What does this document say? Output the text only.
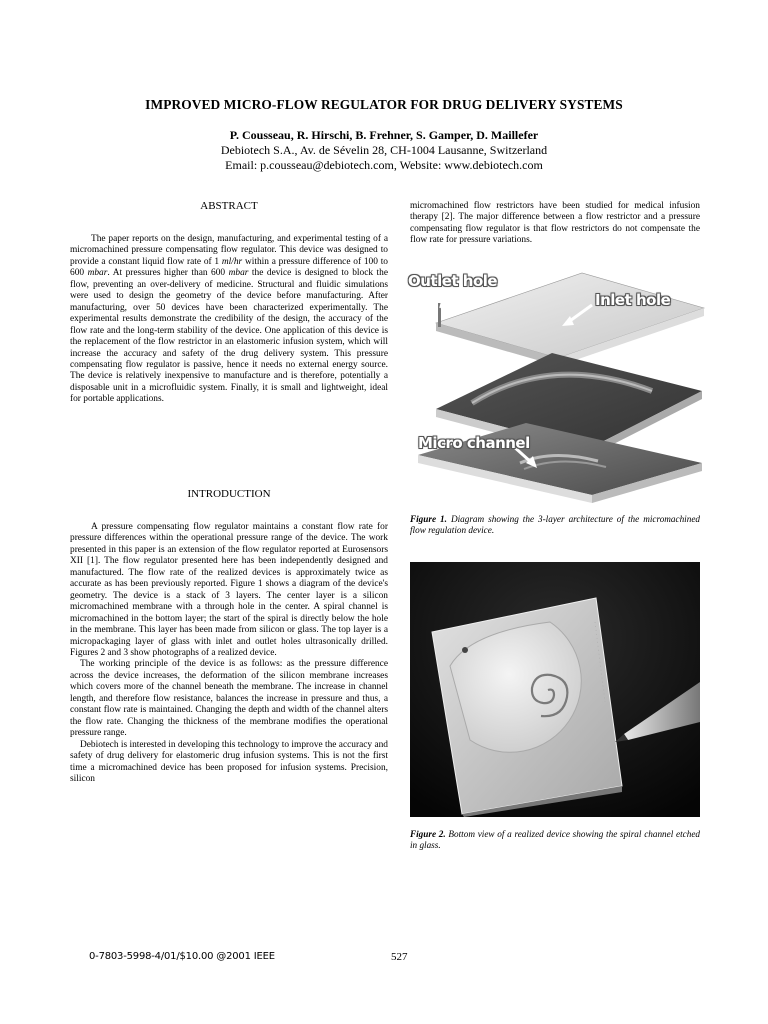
IMPROVED MICRO-FLOW REGULATOR FOR DRUG DELIVERY SYSTEMS
P. Cousseau, R. Hirschi, B. Frehner, S. Gamper, D. Maillefer
Debiotech S.A., Av. de Sévelin 28, CH-1004 Lausanne, Switzerland
Email: p.cousseau@debiotech.com, Website: www.debiotech.com
ABSTRACT

The paper reports on the design, manufacturing, and experimental testing of a micromachined pressure compensating flow regulator. This device was designed to provide a constant liquid flow rate of 1 ml/hr within a pressure difference of 100 to 600 mbar. At pressures higher than 600 mbar the device is designed to block the flow, preventing an over-delivery of medicine. Structural and fluidic simulations were used to design the geometry of the device before manufacturing. After manufacturing, over 50 devices have been characterized experimentally. The experimental results demonstrate the credibility of the design, the accuracy of the flow rate and the long-term stability of the device. One application of this device is the replacement of the flow restrictor in an elastomeric infusion system, which will increase the accuracy and safety of the drug delivery system. This pressure compensating flow regulator is passive, hence it needs no external energy source. The device is relatively inexpensive to manufacture and is therefore, potentially a disposable unit in a microfluidic system. Finally, it is small and lightweight, ideal for portable applications.

INTRODUCTION

A pressure compensating flow regulator maintains a constant flow rate for pressure differences within the operational pressure range of the device. The work presented in this paper is an extension of the flow regulator reported at Eurosensors XII [1]. The flow regulator presented here has been independently designed and manufactured. The flow rate of the realized devices is approximately twice as accurate as has been previously reported. Figure 1 shows a diagram of the device's geometry. The device is a stack of 3 layers. The center layer is a silicon micromachined membrane with a through hole in the center. A spiral channel is micromachined in the bottom layer; the start of the spiral is directly below the hole in the membrane. This layer has been made from silicon or glass. The top layer is a micropackaging layer of glass with inlet and outlet holes ultrasonically drilled. Figures 2 and 3 show photographs of a realized device.

The working principle of the device is as follows: as the pressure difference across the device increases, the deformation of the silicon membrane increases which covers more of the channel beneath the membrane. The increase in channel length, and therefore flow resistance, balances the increase in pressure and thus, a constant flow rate is maintained. Changing the depth and width of the channel alters the flow rate. Changing the thickness of the membrane modifies the operational pressure range.

Debiotech is interested in developing this technology to improve the accuracy and safety of drug delivery for elastomeric drug infusion systems. This is not the first time a micromachined device has been proposed for infusion systems. Precision, silicon

micromachined flow restrictors have been studied for medical infusion therapy [2]. The major difference between a flow restrictor and a pressure compensating flow regulator is that flow restrictors do not compensate the flow rate for pressure variations.
Outlet hole
Inlet hole
Micro channel
Figure 1. Diagram showing the 3-layer architecture of the micromachined flow regulation device.
Figure 2. Bottom view of a realized device showing the spiral channel etched in glass.
0-7803-5998-4/01/$10.00 @2001 IEEE	527
